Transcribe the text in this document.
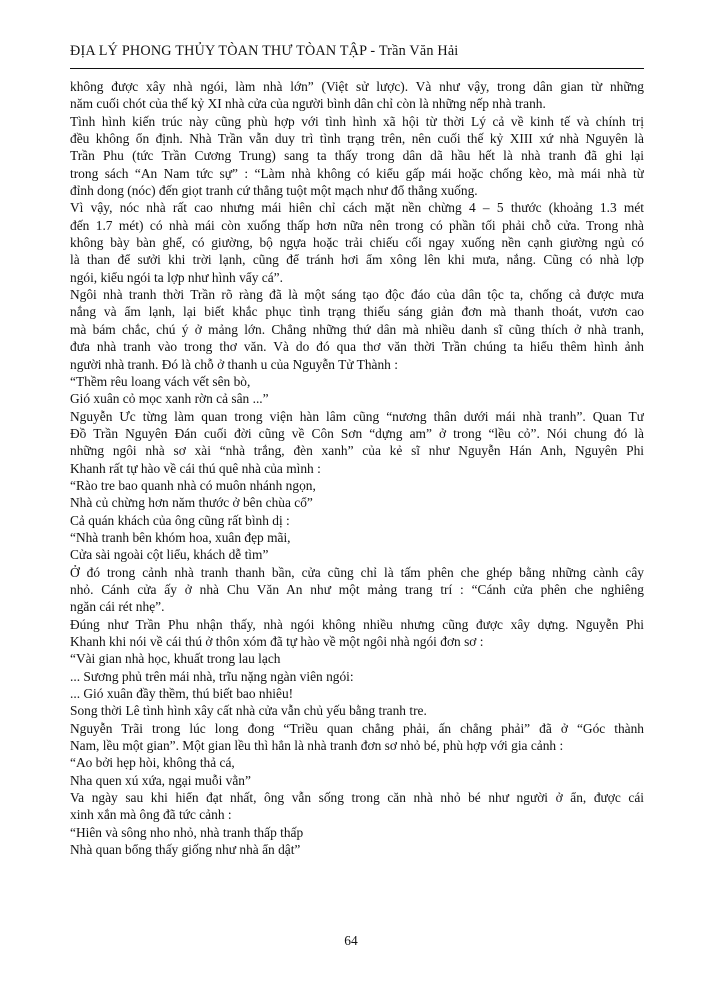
ĐỊA LÝ PHONG THỦY TÒAN THƯ TÒAN TẬP - Trần Văn Hải
không được xây nhà ngói, làm nhà lớn” (Việt sử lược). Và như vậy, trong dân gian từ những
năm cuối chót của thế kỷ XI nhà cửa của người bình dân chỉ còn là những nếp nhà tranh.
Tình hình kiến trúc này cũng phù hợp với tình hình xã hội từ thời Lý cả về kinh tế và chính trị
đều không ổn định. Nhà Trần vẫn duy trì tình trạng trên, nên cuối thế kỷ XIII xứ nhà Nguyên là
Trần Phu (tức Trần Cương Trung) sang ta thấy trong dân dã hầu hết là nhà tranh đã ghi lại
trong sách “An Nam tức sự” : “Làm nhà không có kiểu gấp mái hoặc chống kèo, mà mái nhà từ
đỉnh dong (nóc) đến giọt tranh cứ thẳng tuột một mạch như đổ thẳng xuống.
Vì vậy, nóc nhà rất cao nhưng mái hiên chỉ cách mặt nền chừng 4 – 5 thước (khoảng 1.3 mét
đến 1.7 mét) có nhà mái còn xuống thấp hơn nữa nên trong có phần tối phải chỗ cửa. Trong nhà
không bày bàn ghế, có giường, bộ ngựa hoặc trải chiếu cối ngay xuống nền cạnh giường ngủ có
là than để sưởi khi trời lạnh, cũng để tránh hơi ẩm xông lên khi mưa, nắng. Cũng có nhà lợp
ngói, kiểu ngói ta lợp như hình vẩy cá”.
Ngôi nhà tranh thời Trần rõ ràng đã là một sáng tạo độc đáo của dân tộc ta, chống cả được mưa
nắng và ẩm lạnh, lại biết khắc phục tình trạng thiếu sáng giản đơn mà thanh thoát, vươn cao
mà bám chắc, chú ý ở mảng lớn. Chẳng những thứ dân mà nhiều danh sĩ cũng thích ở nhà tranh,
đưa nhà tranh vào trong thơ văn. Và do đó qua thơ văn thời Trần chúng ta hiểu thêm hình ảnh
người nhà tranh. Đó là chỗ ở thanh u của Nguyễn Tử Thành :
“Thềm rêu loang vách vết sên bò,
Gió xuân cỏ mọc xanh rờn cả sân ...”
Nguyễn Ưc từng làm quan trong viện hàn lâm cũng “nương thân dưới mái nhà tranh”. Quan Tư
Đồ Trần Nguyên Đán cuối đời cũng về Côn Sơn “dựng am” ở trong “lều cỏ”. Nói chung đó là
những ngôi nhà sơ xài “nhà trắng, đèn xanh” của kẻ sĩ như Nguyễn Hán Anh, Nguyên Phi
Khanh rất tự hào về cái thú quê nhà của mình :
“Rào tre bao quanh nhà có muôn nhánh ngọn,
Nhà củ chừng hơn năm thước ở bên chùa cổ”
Cả quán khách của ông cũng rất bình dị :
“Nhà tranh bên khóm hoa, xuân đẹp mãi,
Cửa sài ngoài cột liểu, khách dễ tìm”
Ở đó trong cảnh nhà tranh thanh bần, cửa cũng chỉ là tấm phên che ghép bằng những cành cây
nhỏ. Cánh cửa ấy ở nhà Chu Văn An như một mảng trang trí : “Cánh cửa phên che nghiêng
ngăn cái rét nhẹ”.
Đúng như Trần Phu nhận thấy, nhà ngói không nhiều nhưng cũng được xây dựng. Nguyễn Phi
Khanh khi nói về cái thú ở thôn xóm đã tự hào về một ngôi nhà ngói đơn sơ :
“Vài gian nhà học, khuất trong lau lạch
... Sương phủ trên mái nhà, trĩu nặng ngàn viên ngói:
... Gió xuân đầy thềm, thú biết bao nhiêu!
Song thời Lê tình hình xây cất nhà cửa vẫn chủ yếu bằng tranh tre.
Nguyễn Trãi trong lúc long đong “Triều quan chẳng phải, ấn chẳng phải” đã ở “Góc thành
Nam, lều một gian”. Một gian lều thì hẳn là nhà tranh đơn sơ nhỏ bé, phù hợp với gia cảnh :
“Ao bởi hẹp hòi, không thả cá,
Nha quen xú xứa, ngại muỗi vằn”
Va ngày sau khi hiển đạt nhất, ông vẫn sống trong căn nhà nhỏ bé như người ở ẩn, được cái
xinh xắn mà ông đã tức cảnh :
“Hiên và sông nho nhỏ, nhà tranh thấp thấp
Nhà quan bổng thấy giống như nhà ẩn dật”
64
